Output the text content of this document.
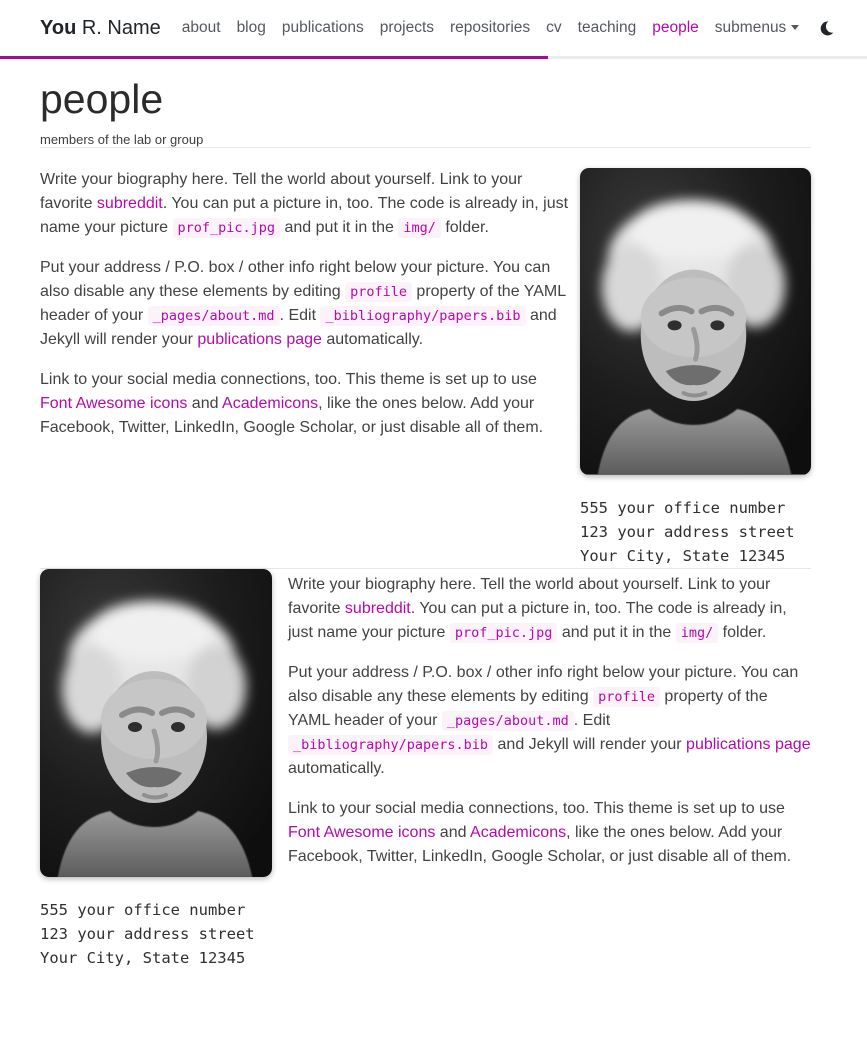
You R. Name	about	blog	publications	projects	repositories	cv	teaching	people	submenus
people

members of the lab or group

Write your biography here. Tell the world about yourself. Link to your favorite subreddit. You can put a picture in, too. The code is already in, just name your picture prof_pic.jpg and put it in the img/ folder.

Put your address / P.O. box / other info right below your picture. You can also disable any these elements by editing profile property of the YAML header of your _pages/about.md . Edit _bibliography/papers.bib and Jekyll will render your publications page automatically.

Link to your social media connections, too. This theme is set up to use Font Awesome icons and Academicons, like the ones below. Add your Facebook, Twitter, LinkedIn, Google Scholar, or just disable all of them.

555 your office number
123 your address street
Your City, State 12345
555 your office number
123 your address street
Your City, State 12345

Write your biography here. Tell the world about yourself. Link to your favorite subreddit. You can put a picture in, too. The code is already in, just name your picture prof_pic.jpg and put it in the img/ folder.

Put your address / P.O. box / other info right below your picture. You can also disable any these elements by editing profile property of the YAML header of your _pages/about.md . Edit _bibliography/papers.bib and Jekyll will render your publications page automatically.

Link to your social media connections, too. This theme is set up to use Font Awesome icons and Academicons, like the ones below. Add your Facebook, Twitter, LinkedIn, Google Scholar, or just disable all of them.
